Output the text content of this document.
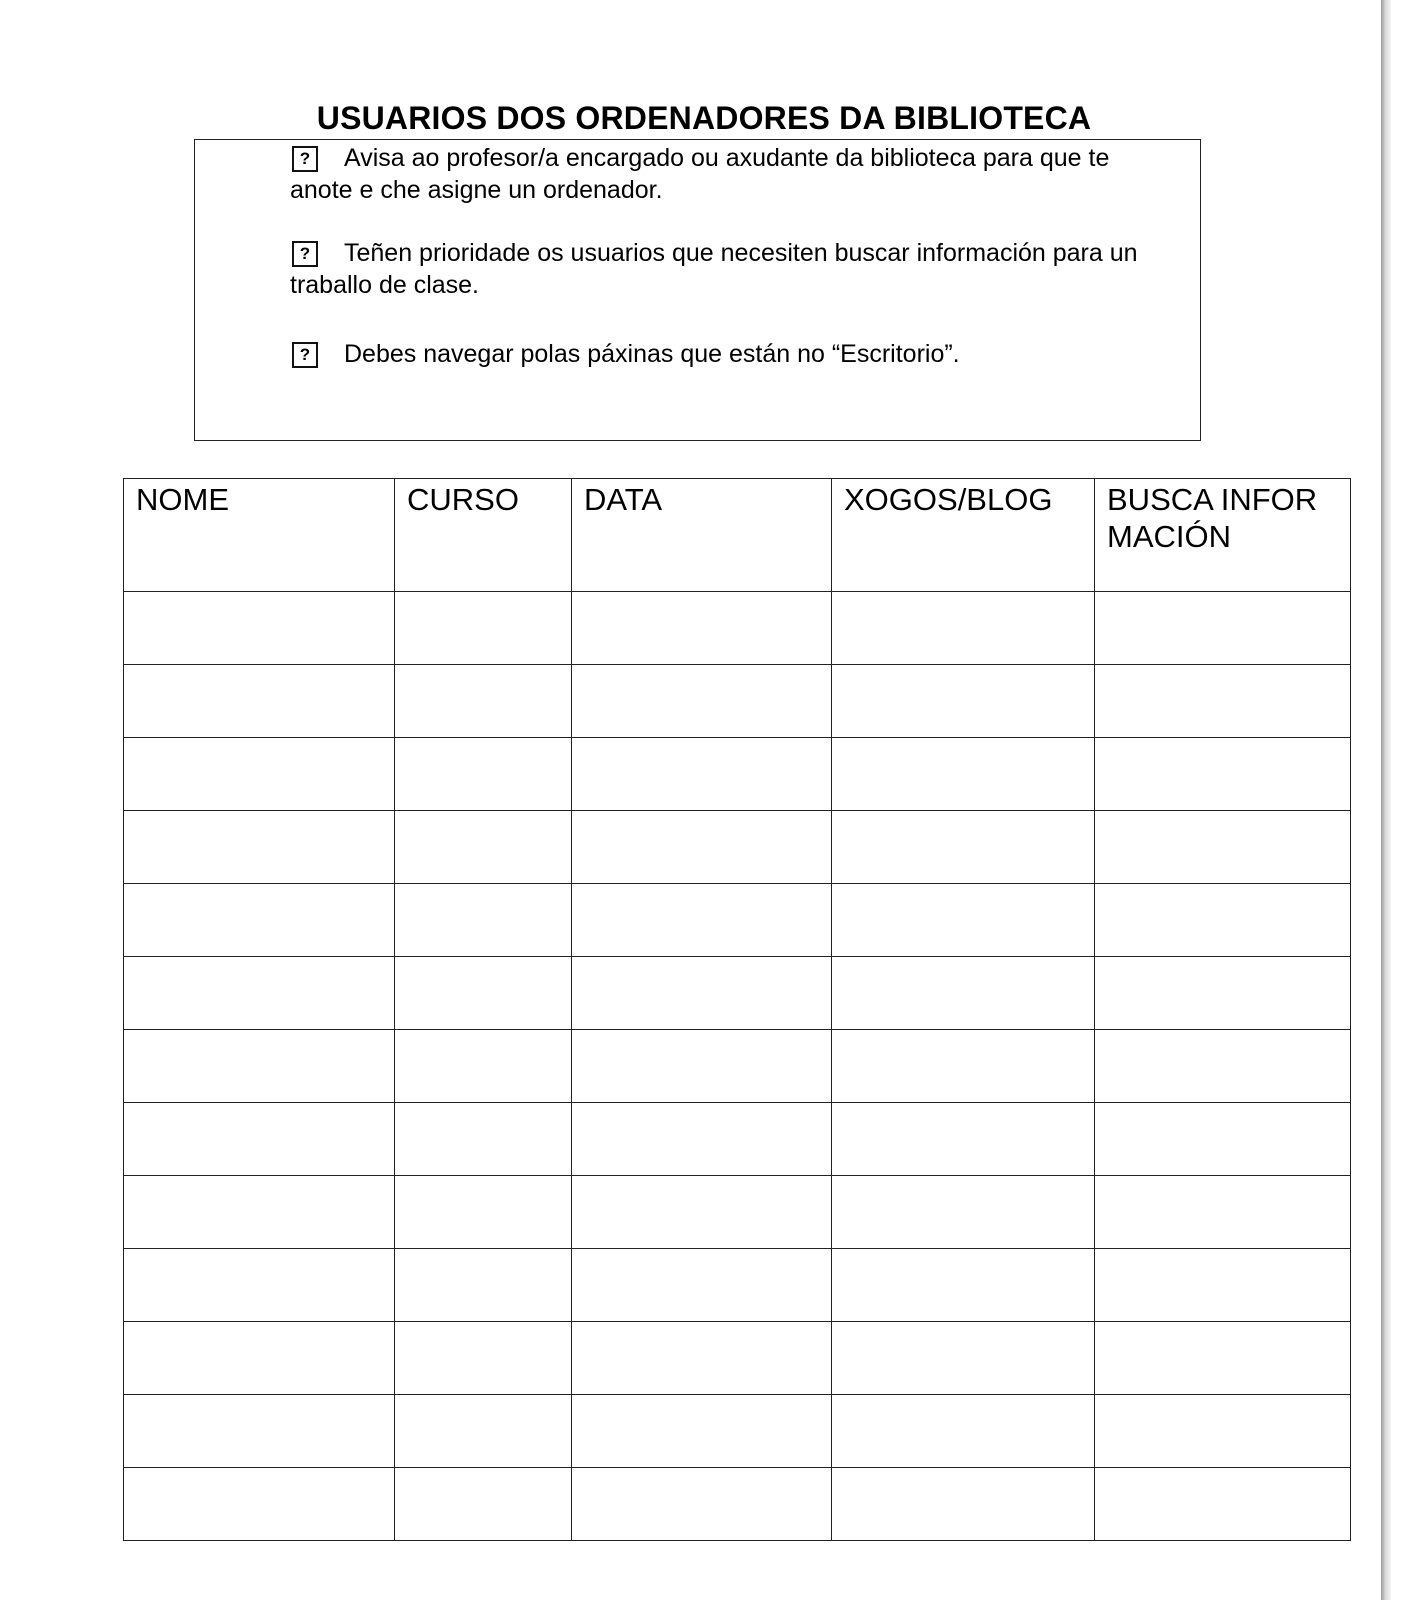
USUARIOS DOS ORDENADORES DA BIBLIOTECA
? Avisa ao profesor/a encargado ou axudante da biblioteca para que te anote e che asigne un ordenador.
? Teñen prioridade os usuarios que necesiten buscar información para un traballo de clase.
? Debes navegar polas páxinas que están no “Escritorio”.
NOME	CURSO	DATA	XOGOS/BLOG	BUSCA INFORMACIÓN
